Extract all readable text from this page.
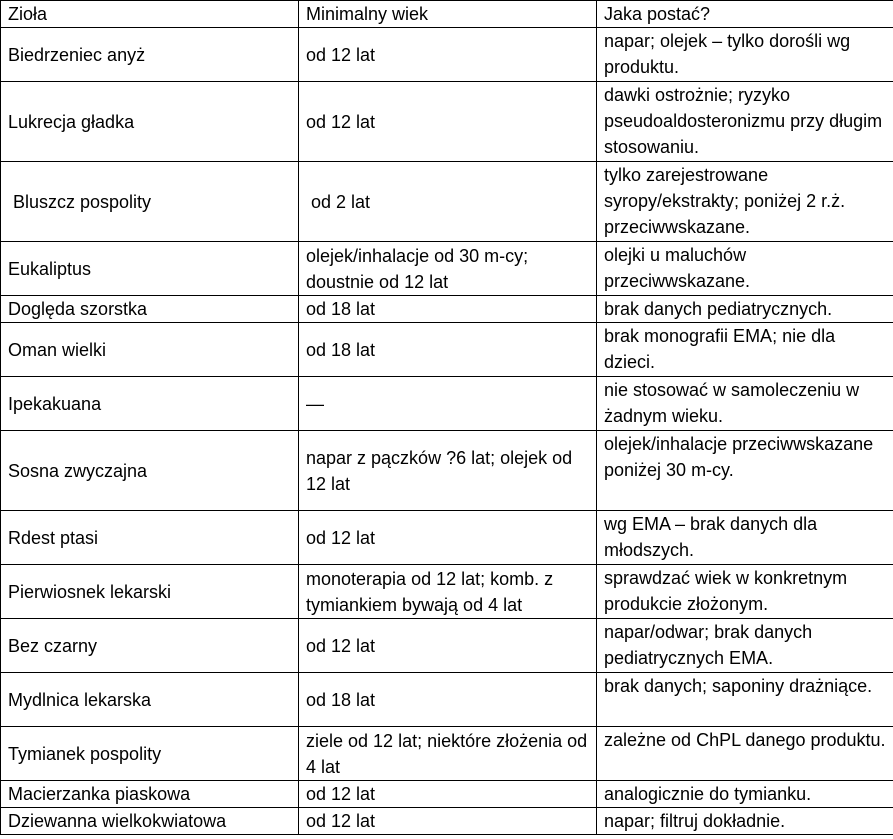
Zioła	Minimalny wiek	Jaka postać?
Biedrzeniec anyż	od 12 lat	napar; olejek – tylko dorośli wg produktu.
Lukrecja gładka	od 12 lat	dawki ostrożnie; ryzyko pseudoaldosteronizmu przy długim stosowaniu.
Bluszcz pospolity	od 2 lat	tylko zarejestrowane syropy/ekstrakty; poniżej 2 r.ż. przeciwwskazane.
Eukaliptus	olejek/inhalacje od 30 m-cy; doustnie od 12 lat	olejki u maluchów przeciwwskazane.
Doględa szorstka	od 18 lat	brak danych pediatrycznych.
Oman wielki	od 18 lat	brak monografii EMA; nie dla dzieci.
Ipekakuana	—	nie stosować w samoleczeniu w żadnym wieku.
Sosna zwyczajna	napar z pączków ?6 lat; olejek od 12 lat	olejek/inhalacje przeciwwskazane poniżej 30 m-cy.
Rdest ptasi	od 12 lat	wg EMA – brak danych dla młodszych.
Pierwiosnek lekarski	monoterapia od 12 lat; komb. z tymiankiem bywają od 4 lat	sprawdzać wiek w konkretnym produkcie złożonym.
Bez czarny	od 12 lat	napar/odwar; brak danych pediatrycznych EMA.
Mydlnica lekarska	od 18 lat	brak danych; saponiny drażniące.
Tymianek pospolity	ziele od 12 lat; niektóre złożenia od 4 lat	zależne od ChPL danego produktu.
Macierzanka piaskowa	od 12 lat	analogicznie do tymianku.
Dziewanna wielkokwiatowa	od 12 lat	napar; filtruj dokładnie.
